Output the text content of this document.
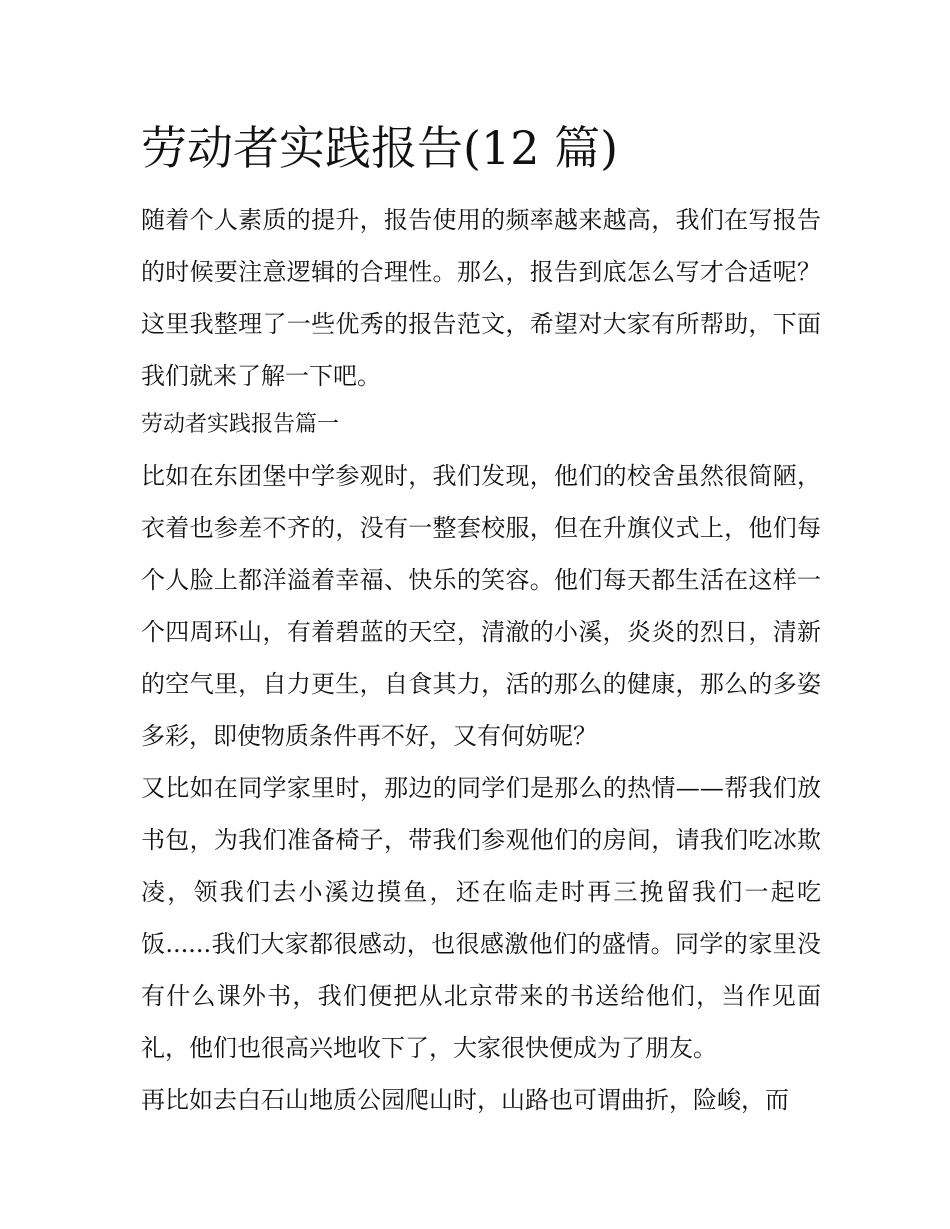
劳动者实践报告(12 篇)

随着个人素质的提升，报告使用的频率越来越高，我们在写报告的时候要注意逻辑的合理性。那么，报告到底怎么写才合适呢？这里我整理了一些优秀的报告范文，希望对大家有所帮助，下面我们就来了解一下吧。

劳动者实践报告篇一

比如在东团堡中学参观时，我们发现，他们的校舍虽然很简陋，衣着也参差不齐的，没有一整套校服，但在升旗仪式上，他们每个人脸上都洋溢着幸福、快乐的笑容。他们每天都生活在这样一个四周环山，有着碧蓝的天空，清澈的小溪，炎炎的烈日，清新的空气里，自力更生，自食其力，活的那么的健康，那么的多姿多彩，即使物质条件再不好，又有何妨呢？

又比如在同学家里时，那边的同学们是那么的热情——帮我们放书包，为我们准备椅子，带我们参观他们的房间，请我们吃冰欺凌，领我们去小溪边摸鱼，还在临走时再三挽留我们一起吃饭......我们大家都很感动，也很感激他们的盛情。同学的家里没有什么课外书，我们便把从北京带来的书送给他们，当作见面礼，他们也很高兴地收下了，大家很快便成为了朋友。

再比如去白石山地质公园爬山时，山路也可谓曲折，险峻，而
